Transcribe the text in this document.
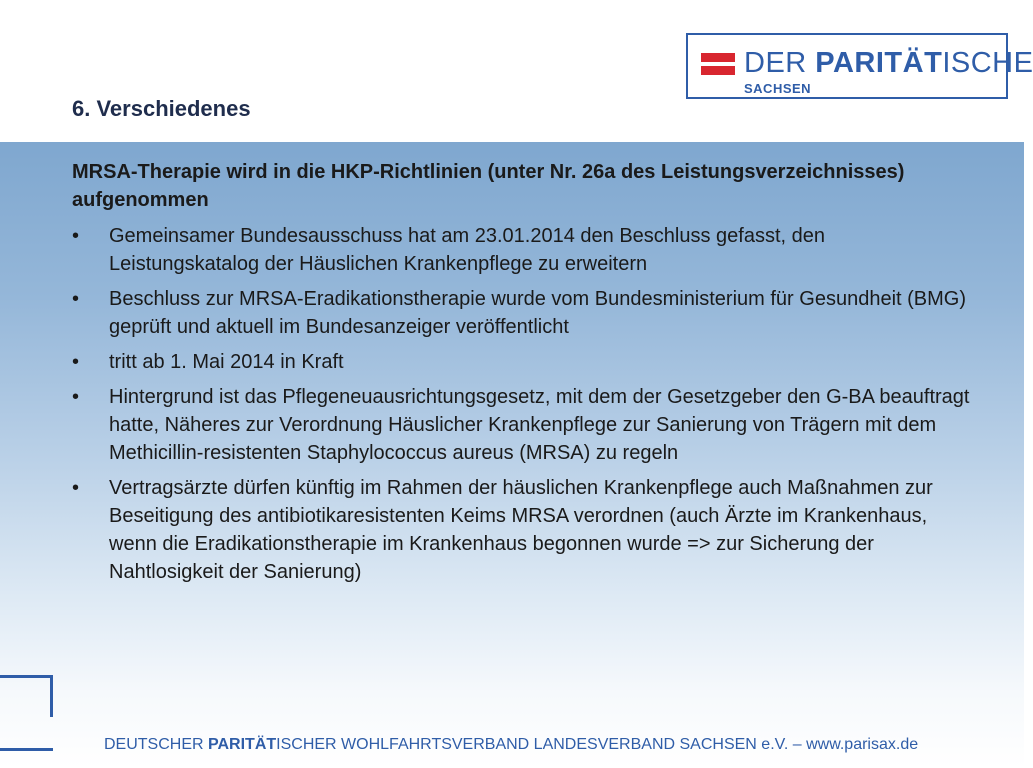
6. Verschiedenes
DER PARITÄTISCHE
SACHSEN
MRSA-Therapie wird in die HKP-Richtlinien (unter Nr. 26a des Leistungsverzeichnisses) aufgenommen
• Gemeinsamer Bundesausschuss hat am 23.01.2014 den Beschluss gefasst, den Leistungskatalog der Häuslichen Krankenpflege zu erweitern
• Beschluss zur MRSA-Eradikationstherapie wurde vom Bundesministerium für Gesundheit (BMG) geprüft und aktuell im Bundesanzeiger veröffentlicht
• tritt ab 1. Mai 2014 in Kraft
• Hintergrund ist das Pflegeneuausrichtungsgesetz, mit dem der Gesetzgeber den G-BA beauftragt hatte, Näheres zur Verordnung Häuslicher Krankenpflege zur Sanierung von Trägern mit dem Methicillin-resistenten Staphylococcus aureus (MRSA) zu regeln
• Vertragsärzte dürfen künftig im Rahmen der häuslichen Krankenpflege auch Maßnahmen zur Beseitigung des antibiotikaresistenten Keims MRSA verordnen (auch Ärzte im Krankenhaus, wenn die Eradikationstherapie im Krankenhaus begonnen wurde => zur Sicherung der Nahtlosigkeit der Sanierung)
DEUTSCHER PARITÄTISCHER WOHLFAHRTSVERBAND LANDESVERBAND SACHSEN e.V. – www.parisax.de
